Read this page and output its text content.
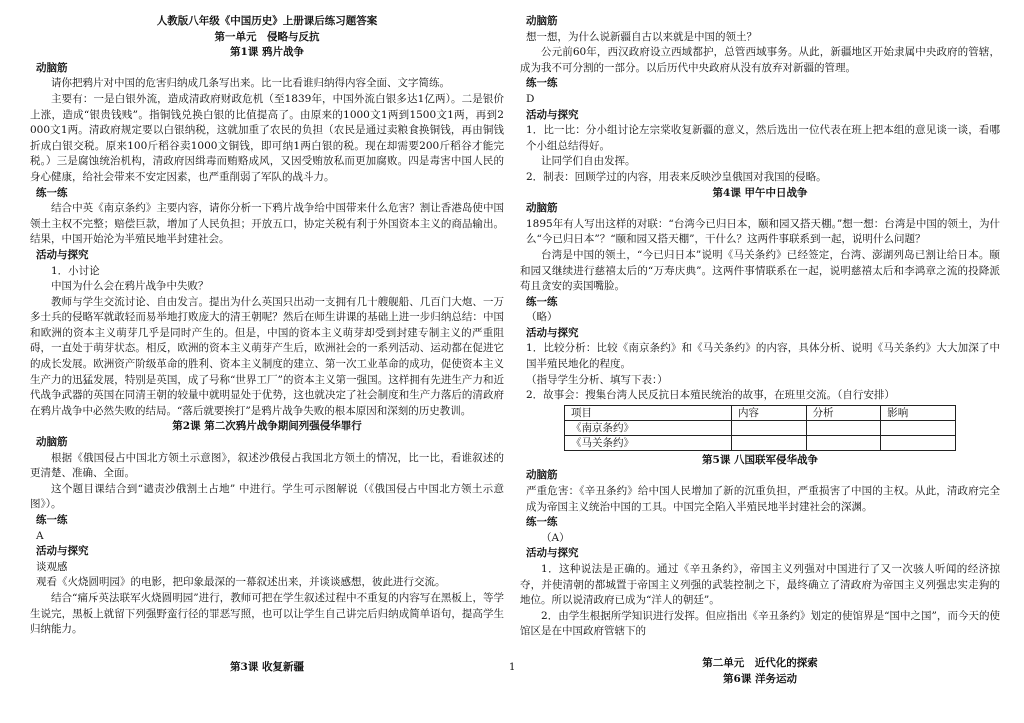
人教版八年级《中国历史》上册课后练习题答案
第一单元　侵略与反抗
第1课 鸦片战争
动脑筋

请你把鸦片对中国的危害归纳成几条写出来。比一比看谁归纳得内容全面、文字简练。

主要有：一是白银外流，造成清政府财政危机（至1839年，中国外流白银多达1亿两）。二是银价上涨，造成“银贵钱贱”。指铜钱兑换白银的比值提高了。由原来的1000文1两到1500文1两，再到2 000文1两。清政府规定要以白银纳税，这就加重了农民的负担（农民是通过卖粮食换铜钱，再由铜钱折成白银交税。原来100斤稻谷卖1000文铜钱，即可纳1两白银的税。现在却需要200斤稻谷才能完税。）三是腐蚀统治机构，清政府因缉毒而贿赂成风，又因受贿放私而更加腐败。四是毒害中国人民的身心健康，给社会带来不安定因素，也严重削弱了军队的战斗力。

练一练

结合中英《南京条约》主要内容，请你分析一下鸦片战争给中国带来什么危害？割让香港岛使中国领土主权不完整；赔偿巨款，增加了人民负担；开放五口，协定关税有利于外国资本主义的商品输出。结果，中国开始沦为半殖民地半封建社会。

活动与探究
1．小讨论

中国为什么会在鸦片战争中失败？

教师与学生交流讨论、自由发言。提出为什么英国只出动一支拥有几十艘舰船、几百门大炮、一万多士兵的侵略军就敢轻而易举地打败庞大的清王朝呢？然后在师生讲课的基础上进一步归纳总结：中国和欧洲的资本主义萌芽几乎是同时产生的。但是，中国的资本主义萌芽却受到封建专制主义的严重阻碍，一直处于萌芽状态。相反，欧洲的资本主义萌芽产生后，欧洲社会的一系列活动、运动都在促进它的成长发展。欧洲资产阶级革命的胜利、资本主义制度的建立、第一次工业革命的成功，促使资本主义生产力的迅猛发展，特别是英国，成了号称“世界工厂”的资本主义第一强国。这样拥有先进生产力和近代战争武器的英国在同清王朝的较量中就明显处于优势，这也就决定了社会制度和生产力落后的清政府在鸦片战争中必然失败的结局。“落后就要挨打”是鸦片战争失败的根本原因和深刻的历史教训。

第2课 第二次鸦片战争期间列强侵华罪行
动脑筋

根据《俄国侵占中国北方领土示意图》，叙述沙俄侵占我国北方领土的情况，比一比，看谁叙述的更清楚、准确、全面。

这个题目课结合到“谴责沙俄割土占地” 中进行。学生可示图解说（《俄国侵占中国北方领土示意图》）。

练一练
A
活动与探究
谈观感

观看《火烧圆明园》的电影，把印象最深的一幕叙述出来，并谈谈感想，彼此进行交流。

结合“痛斥英法联军火烧圆明园”进行，教师可把在学生叙述过程中不重复的内容写在黑板上，等学生说完，黑板上就留下列强野蛮行径的罪恶写照，也可以让学生自己讲完后归纳成简单语句，提高学生归纳能力。

第3课 收复新疆
动脑筋

想一想，为什么说新疆自古以来就是中国的领土？

公元前60年，西汉政府设立西域都护，总管西域事务。从此，新疆地区开始隶属中央政府的管辖，成为我不可分割的一部分。以后历代中央政府从没有放弃对新疆的管理。

练一练
D
活动与探究

1．比一比：分小组讨论左宗棠收复新疆的意义，然后选出一位代表在班上把本组的意见谈一谈，看哪个小组总结得好。

让同学们自由发挥。

2．制表：回顾学过的内容，用表来反映沙皇俄国对我国的侵略。

第4课 甲午中日战争
动脑筋

1895年有人写出这样的对联：“台湾今已归日本，颐和园又搭天棚。”想一想：台湾是中国的领土，为什么“今已归日本”？“颐和园又搭天棚”，干什么？这两件事联系到一起，说明什么问题？

台湾是中国的领土，“今已归日本”说明《马关条约》已经签定，台湾、澎湖列岛已割让给日本。颐和园又继续进行慈禧太后的“万寿庆典”。这两件事情联系在一起，说明慈禧太后和李鸿章之流的投降派苟且贪安的卖国嘴脸。

练一练
（略）
活动与探究

1．比较分析：比较《南京条约》和《马关条约》的内容，具体分析、说明《马关条约》大大加深了中国半殖民地化的程度。

（指导学生分析、填写下表：）

2．故事会：搜集台湾人民反抗日本殖民统治的故事，在班里交流。（自行安排）

项目	内容	分析	影响
《南京条约》			
《马关条约》			
第5课 八国联军侵华战争
动脑筋

严重危害：《辛丑条约》给中国人民增加了新的沉重负担，严重损害了中国的主权。从此，清政府完全成为帝国主义统治中国的工具。中国完全陷入半殖民地半封建社会的深渊。

练一练
（A）
活动与探究

1．这种说法是正确的。通过《辛丑条约》，帝国主义列强对中国进行了又一次骇人听闻的经济掠夺，并使清朝的都城置于帝国主义列强的武装控制之下，最终确立了清政府为帝国主义列强忠实走狗的地位。所以说清政府已成为“洋人的朝廷”。

2．由学生根据所学知识进行发挥。但应指出《辛丑条约》划定的使馆界是“国中之国”，而今天的使馆区是在中国政府管辖下的

第二单元　近代化的探索
第6课 洋务运动
1
